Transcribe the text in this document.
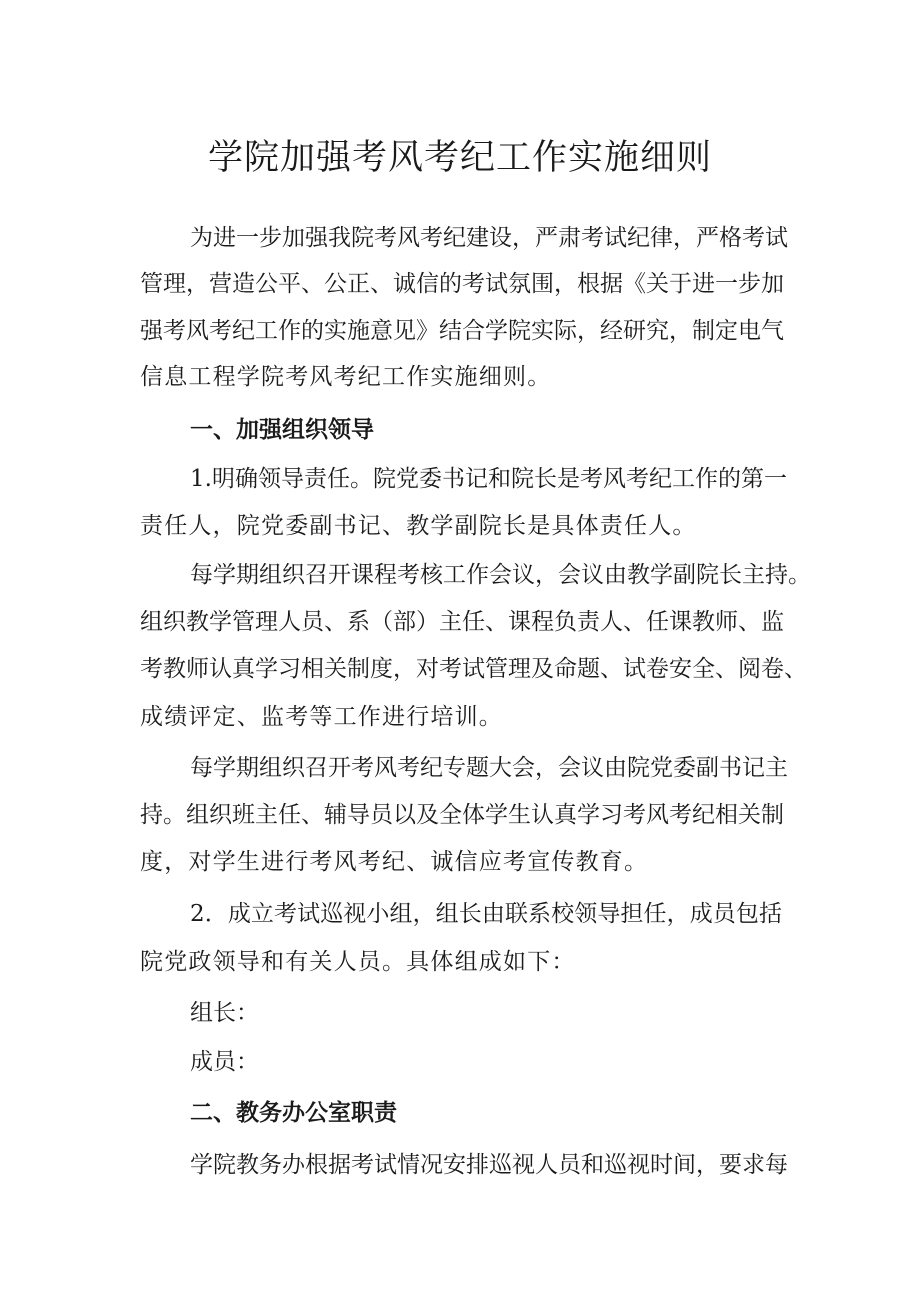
学院加强考风考纪工作实施细则

为进一步加强我院考风考纪建设，严肃考试纪律，严格考试

管理，营造公平、公正、诚信的考试氛围，根据《关于进一步加

强考风考纪工作的实施意见》结合学院实际，经研究，制定电气

信息工程学院考风考纪工作实施细则。

一、加强组织领导

1.明确领导责任。院党委书记和院长是考风考纪工作的第一

责任人，院党委副书记、教学副院长是具体责任人。

每学期组织召开课程考核工作会议，会议由教学副院长主持。

组织教学管理人员、系（部）主任、课程负责人、任课教师、监

考教师认真学习相关制度，对考试管理及命题、试卷安全、阅卷、

成绩评定、监考等工作进行培训。

每学期组织召开考风考纪专题大会，会议由院党委副书记主

持。组织班主任、辅导员以及全体学生认真学习考风考纪相关制

度，对学生进行考风考纪、诚信应考宣传教育。

2．成立考试巡视小组，组长由联系校领导担任，成员包括

院党政领导和有关人员。具体组成如下：

组长：

成员：

二、教务办公室职责

学院教务办根据考试情况安排巡视人员和巡视时间，要求每
